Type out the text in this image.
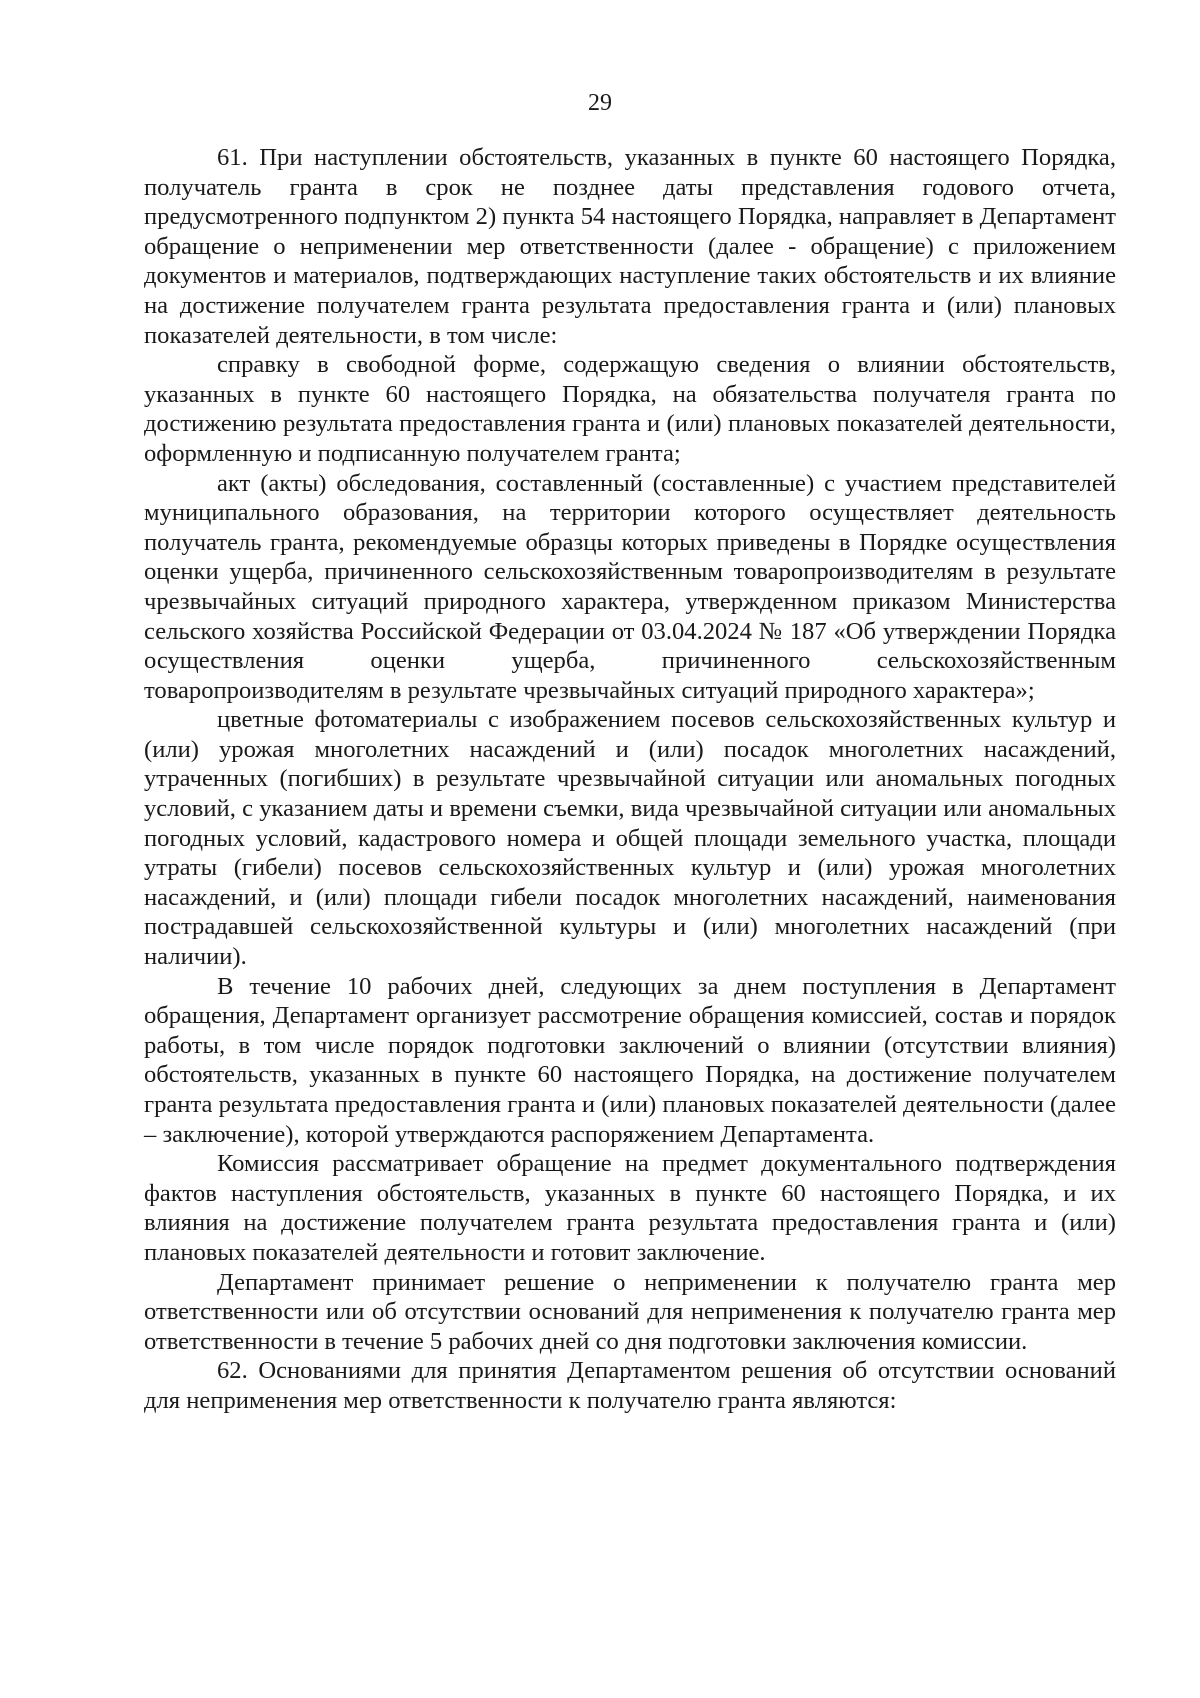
29

61. При наступлении обстоятельств, указанных в пункте 60 настоящего Порядка, получатель гранта в срок не позднее даты представления годового отчета, предусмотренного подпунктом 2) пункта 54 настоящего Порядка, направляет в Департамент обращение о неприменении мер ответственности (далее - обращение) с приложением документов и материалов, подтверждающих наступление таких обстоятельств и их влияние на достижение получателем гранта результата предоставления гранта и (или) плановых показателей деятельности, в том числе:

справку в свободной форме, содержащую сведения о влиянии обстоятельств, указанных в пункте 60 настоящего Порядка, на обязательства получателя гранта по достижению результата предоставления гранта и (или) плановых показателей деятельности, оформленную и подписанную получателем гранта;

акт (акты) обследования, составленный (составленные) с участием представителей муниципального образования, на территории которого осуществляет деятельность получатель гранта, рекомендуемые образцы которых приведены в Порядке осуществления оценки ущерба, причиненного сельскохозяйственным товаропроизводителям в результате чрезвычайных ситуаций природного характера, утвержденном приказом Министерства сельского хозяйства Российской Федерации от 03.04.2024 № 187 «Об утверждении Порядка осуществления оценки ущерба, причиненного сельскохозяйственным товаропроизводителям в результате чрезвычайных ситуаций природного характера»;

цветные фотоматериалы с изображением посевов сельскохозяйственных культур и (или) урожая многолетних насаждений и (или) посадок многолетних насаждений, утраченных (погибших) в результате чрезвычайной ситуации или аномальных погодных условий, с указанием даты и времени съемки, вида чрезвычайной ситуации или аномальных погодных условий, кадастрового номера и общей площади земельного участка, площади утраты (гибели) посевов сельскохозяйственных культур и (или) урожая многолетних насаждений, и (или) площади гибели посадок многолетних насаждений, наименования пострадавшей сельскохозяйственной культуры и (или) многолетних насаждений (при наличии).

В течение 10 рабочих дней, следующих за днем поступления в Департамент обращения, Департамент организует рассмотрение обращения комиссией, состав и порядок работы, в том числе порядок подготовки заключений о влиянии (отсутствии влияния) обстоятельств, указанных в пункте 60 настоящего Порядка, на достижение получателем гранта результата предоставления гранта и (или) плановых показателей деятельности (далее – заключение), которой утверждаются распоряжением Департамента.

Комиссия рассматривает обращение на предмет документального подтверждения фактов наступления обстоятельств, указанных в пункте 60 настоящего Порядка, и их влияния на достижение получателем гранта результата предоставления гранта и (или) плановых показателей деятельности и готовит заключение.

Департамент принимает решение о неприменении к получателю гранта мер ответственности или об отсутствии оснований для неприменения к получателю гранта мер ответственности в течение 5 рабочих дней со дня подготовки заключения комиссии.

62. Основаниями для принятия Департаментом решения об отсутствии оснований для неприменения мер ответственности к получателю гранта являются:
